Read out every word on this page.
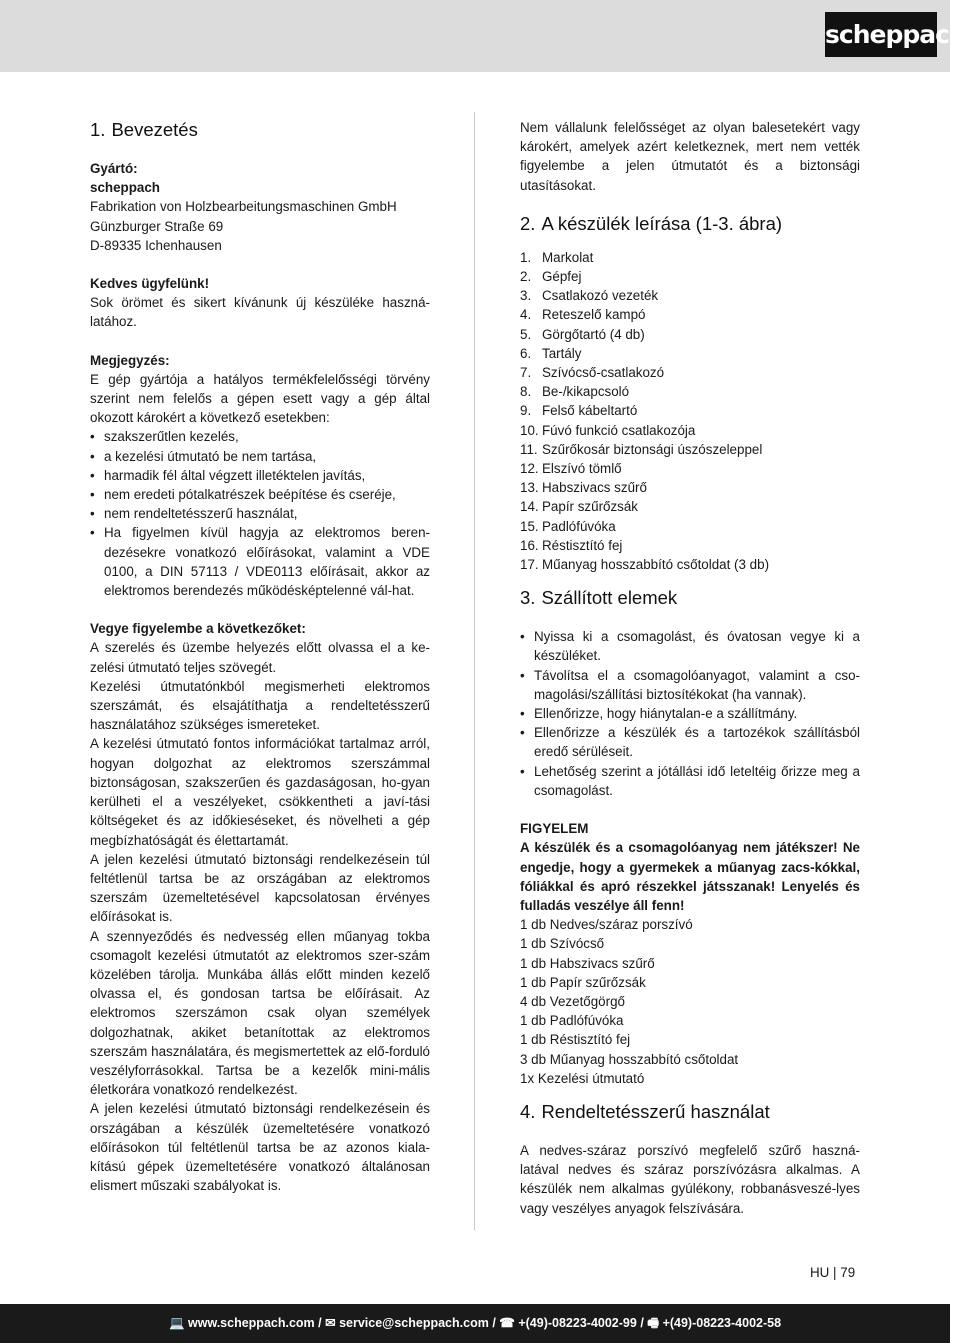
scheppach
1. Bevezetés

Gyártó:

scheppach

Fabrikation von Holzbearbeitungsmaschinen GmbH

Günzburger Straße 69

D-89335 Ichenhausen

Kedves ügyfelünk!

Sok örömet és sikert kívánunk új készüléke haszná-latához.

Megjegyzés:

E gép gyártója a hatályos termékfelelősségi törvény szerint nem felelős a gépen esett vagy a gép által okozott károkért a következő esetekben:

• szakszerűtlen kezelés,
• a kezelési útmutató be nem tartása,
• harmadik fél által végzett illetéktelen javítás,
• nem eredeti pótalkatrészek beépítése és cseréje,
• nem rendeltetésszerű használat,
• Ha figyelmen kívül hagyja az elektromos beren-dezésekre vonatkozó előírásokat, valamint a VDE 0100, a DIN 57113 / VDE0113 előírásait, akkor az elektromos berendezés működésképtelenné vál-hat.

Vegye figyelembe a következőket:

A szerelés és üzembe helyezés előtt olvassa el a ke-zelési útmutató teljes szövegét.

Kezelési útmutatónkból megismerheti elektromos szerszámát, és elsajátíthatja a rendeltetésszerű használatához szükséges ismereteket.

A kezelési útmutató fontos információkat tartalmaz arról, hogyan dolgozhat az elektromos szerszámmal biztonságosan, szakszerűen és gazdaságosan, ho-gyan kerülheti el a veszélyeket, csökkentheti a javí-tási költségeket és az időkieséseket, és növelheti a gép megbízhatóságát és élettartamát.

A jelen kezelési útmutató biztonsági rendelkezésein túl feltétlenül tartsa be az országában az elektromos szerszám üzemeltetésével kapcsolatosan érvényes előírásokat is.

A szennyeződés és nedvesség ellen műanyag tokba csomagolt kezelési útmutatót az elektromos szer-szám közelében tárolja. Munkába állás előtt minden kezelő olvassa el, és gondosan tartsa be előírásait. Az elektromos szerszámon csak olyan személyek dolgozhatnak, akiket betanítottak az elektromos szerszám használatára, és megismertettek az elő-forduló veszélyforrásokkal. Tartsa be a kezelők mini-mális életkorára vonatkozó rendelkezést.

A jelen kezelési útmutató biztonsági rendelkezésein és országában a készülék üzemeltetésére vonatkozó előírásokon túl feltétlenül tartsa be az azonos kiala-kítású gépek üzemeltetésére vonatkozó általánosan elismert műszaki szabályokat is.

Nem vállalunk felelősséget az olyan balesetekért vagy károkért, amelyek azért keletkeznek, mert nem vették figyelembe a jelen útmutatót és a biztonsági utasításokat.

2. A készülék leírása (1-3. ábra)
1. Markolat
2. Gépfej
3. Csatlakozó vezeték
4. Reteszelő kampó
5. Görgőtartó (4 db)
6. Tartály
7. Szívócső-csatlakozó
8. Be-/kikapcsoló
9. Felső kábeltartó
10. Fúvó funkció csatlakozója
11. Szűrőkosár biztonsági úszószeleppel
12. Elszívó tömlő
13. Habszivacs szűrő
14. Papír szűrőzsák
15. Padlófúvóka
16. Réstisztító fej
17. Műanyag hosszabbító csőtoldat (3 db)
3. Szállított elemek
• Nyissa ki a csomagolást, és óvatosan vegye ki a készüléket.
• Távolítsa el a csomagolóanyagot, valamint a cso-magolási/szállítási biztosítékokat (ha vannak).
• Ellenőrizze, hogy hiánytalan-e a szállítmány.
• Ellenőrizze a készülék és a tartozékok szállításból eredő sérüléseit.
• Lehetőség szerint a jótállási idő leteltéig őrizze meg a csomagolást.

FIGYELEM

A készülék és a csomagolóanyag nem játékszer! Ne engedje, hogy a gyermekek a műanyag zacs-kókkal, fóliákkal és apró részekkel játsszanak! Lenyelés és fulladás veszélye áll fenn!

1 db Nedves/száraz porszívó
1 db Szívócső
1 db Habszivacs szűrő
1 db Papír szűrőzsák
4 db Vezetőgörgő
1 db Padlófúvóka
1 db Réstisztító fej
3 db Műanyag hosszabbító csőtoldat
1x Kezelési útmutató
4. Rendeltetésszerű használat

A nedves-száraz porszívó megfelelő szűrő haszná-latával nedves és száraz porszívózásra alkalmas. A készülék nem alkalmas gyúlékony, robbanásveszé-lyes vagy veszélyes anyagok felszívására.

HU | 79
💻 www.scheppach.com / ✉ service@scheppach.com / ☎ +(49)-08223-4002-99 / 🖷 +(49)-08223-4002-58
